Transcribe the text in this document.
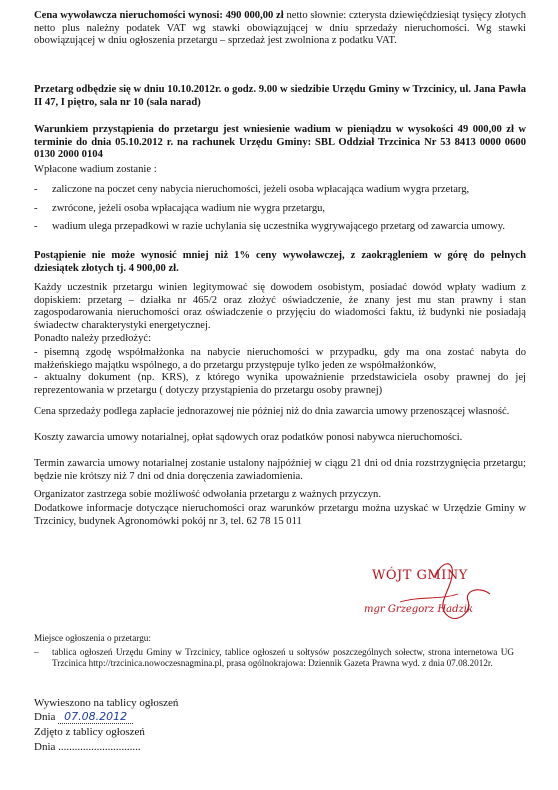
Cena wywoławcza nieruchomości wynosi: 490 000,00 zł netto słownie: czterysta dziewięćdziesiąt tysięcy złotych netto plus należny podatek VAT wg stawki obowiązującej w dniu sprzedaży nieruchomości. Wg stawki obowiązującej w dniu ogłoszenia przetargu – sprzedaż jest zwolniona z podatku VAT.

Przetarg odbędzie się w dniu 10.10.2012r. o godz. 9.00 w siedzibie Urzędu Gminy w Trzcinicy, ul. Jana Pawła II 47, I piętro, sala nr 10 (sala narad)
Warunkiem przystąpienia do przetargu jest wniesienie wadium w pieniądzu w wysokości 49 000,00 zł w terminie do dnia 05.10.2012 r. na rachunek Urzędu Gminy: SBL Oddział Trzcinica Nr 53 8413 0000 0600 0130 2000 0104
Wpłacone wadium zostanie :
- zaliczone na poczet ceny nabycia nieruchomości, jeżeli osoba wpłacająca wadium wygra przetarg,
- zwrócone, jeżeli osoba wpłacająca wadium nie wygra przetargu,
- wadium ulega przepadkowi w razie uchylania się uczestnika wygrywającego przetarg od zawarcia umowy.
Postąpienie nie może wynosić mniej niż 1% ceny wywoławczej, z zaokrągleniem w górę do pełnych dziesiątek złotych tj. 4 900,00 zł.
Każdy uczestnik przetargu winien legitymować się dowodem osobistym, posiadać dowód wpłaty wadium z dopiskiem: przetarg – działka nr 465/2 oraz złożyć oświadczenie, że znany jest mu stan prawny i stan zagospodarowania nieruchomości oraz oświadczenie o przyjęciu do wiadomości faktu, iż budynki nie posiadają świadectw charakterystyki energetycznej.
Ponadto należy przedłożyć:
- pisemną zgodę współmałżonka na nabycie nieruchomości w przypadku, gdy ma ona zostać nabyta do małżeńskiego majątku wspólnego, a do przetargu przystępuje tylko jeden ze współmałżonków,
- aktualny dokument (np. KRS), z którego wynika upoważnienie przedstawiciela osoby prawnej do jej reprezentowania w przetargu ( dotyczy przystąpienia do przetargu osoby prawnej)
Cena sprzedaży podlega zapłacie jednorazowej nie później niż do dnia zawarcia umowy przenoszącej własność.
Koszty zawarcia umowy notarialnej, opłat sądowych oraz podatków ponosi nabywca nieruchomości.
Termin zawarcia umowy notarialnej zostanie ustalony najpóźniej w ciągu 21 dni od dnia rozstrzygnięcia przetargu; będzie nie krótszy niż 7 dni od dnia doręczenia zawiadomienia.
Organizator zastrzega sobie możliwość odwołania przetargu z ważnych przyczyn.
Dodatkowe informacje dotyczące nieruchomości oraz warunków przetargu można uzyskać w Urzędzie Gminy w Trzcinicy, budynek Agronomówki pokój nr 3, tel. 62 78 15 011
WÓJT GMINY
mgr Grzegorz Hadzik
Miejsce ogłoszenia o przetargu:
– tablica ogłoszeń Urzędu Gminy w Trzcinicy, tablice ogłoszeń u sołtysów poszczególnych sołectw, strona internetowa UG Trzcinica http://trzcinica.nowoczesnagmina.pl, prasa ogólnokrajowa: Dziennik Gazeta Prawna wyd. z dnia 07.08.2012r.
Wywieszono na tablicy ogłoszeń
Dnia 07.08.2012
Zdjęto z tablicy ogłoszeń
Dnia ..............................
